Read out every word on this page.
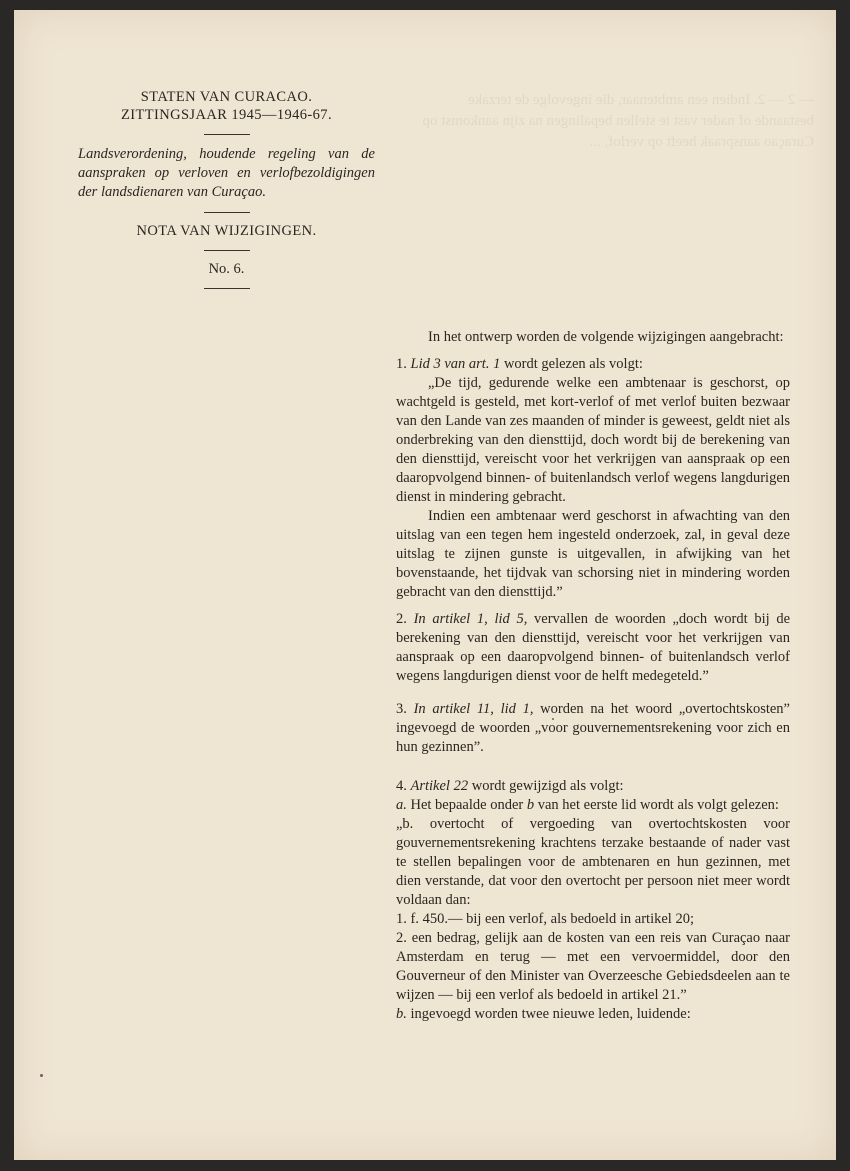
— 2 — 2. Indien een ambtenaar, die ingevolge de terzake bestaande of nader vast te stellen bepalingen na zijn aankomst op Curaçao aanspraak heeft op verlof, ...
STATEN VAN CURACAO.
ZITTINGSJAAR 1945—1946-67.
Landsverordening, houdende regeling van de aanspraken op verloven en verlofbezoldigingen der landsdienaren van Curaçao.
NOTA VAN WIJZIGINGEN.
No. 6.

In het ontwerp worden de volgende wijzigingen aangebracht:

1. Lid 3 van art. 1 wordt gelezen als volgt:

„De tijd, gedurende welke een ambtenaar is geschorst, op wachtgeld is gesteld, met kort-verlof of met verlof buiten bezwaar van den Lande van zes maanden of minder is geweest, geldt niet als onderbreking van den diensttijd, doch wordt bij de berekening van den diensttijd, vereischt voor het verkrijgen van aanspraak op een daaropvolgend binnen- of buitenlandsch verlof wegens langdurigen dienst in mindering gebracht.

Indien een ambtenaar werd geschorst in afwachting van den uitslag van een tegen hem ingesteld onderzoek, zal, in geval deze uitslag te zijnen gunste is uitgevallen, in afwijking van het bovenstaande, het tijdvak van schorsing niet in mindering worden gebracht van den diensttijd.”

2. In artikel 1, lid 5, vervallen de woorden „doch wordt bij de berekening van den diensttijd, vereischt voor het verkrijgen van aanspraak op een daaropvolgend binnen- of buitenlandsch verlof wegens langdurigen dienst voor de helft medegeteld.”

3. In artikel 11, lid 1, worden na het woord „overtochtskosten” ingevoegd de woorden „voor gouvernementsrekening voor zich en hun gezinnen”.

4. Artikel 22 wordt gewijzigd als volgt:

a. Het bepaalde onder b van het eerste lid wordt als volgt gelezen:

„b. overtocht of vergoeding van overtochtskosten voor gouvernementsrekening krachtens terzake bestaande of nader vast te stellen bepalingen voor de ambtenaren en hun gezinnen, met dien verstande, dat voor den overtocht per persoon niet meer wordt voldaan dan:

1. f. 450.— bij een verlof, als bedoeld in artikel 20;

2. een bedrag, gelijk aan de kosten van een reis van Curaçao naar Amsterdam en terug — met een vervoermiddel, door den Gouverneur of den Minister van Overzeesche Gebiedsdeelen aan te wijzen — bij een verlof als bedoeld in artikel 21.”

b. ingevoegd worden twee nieuwe leden, luidende:
